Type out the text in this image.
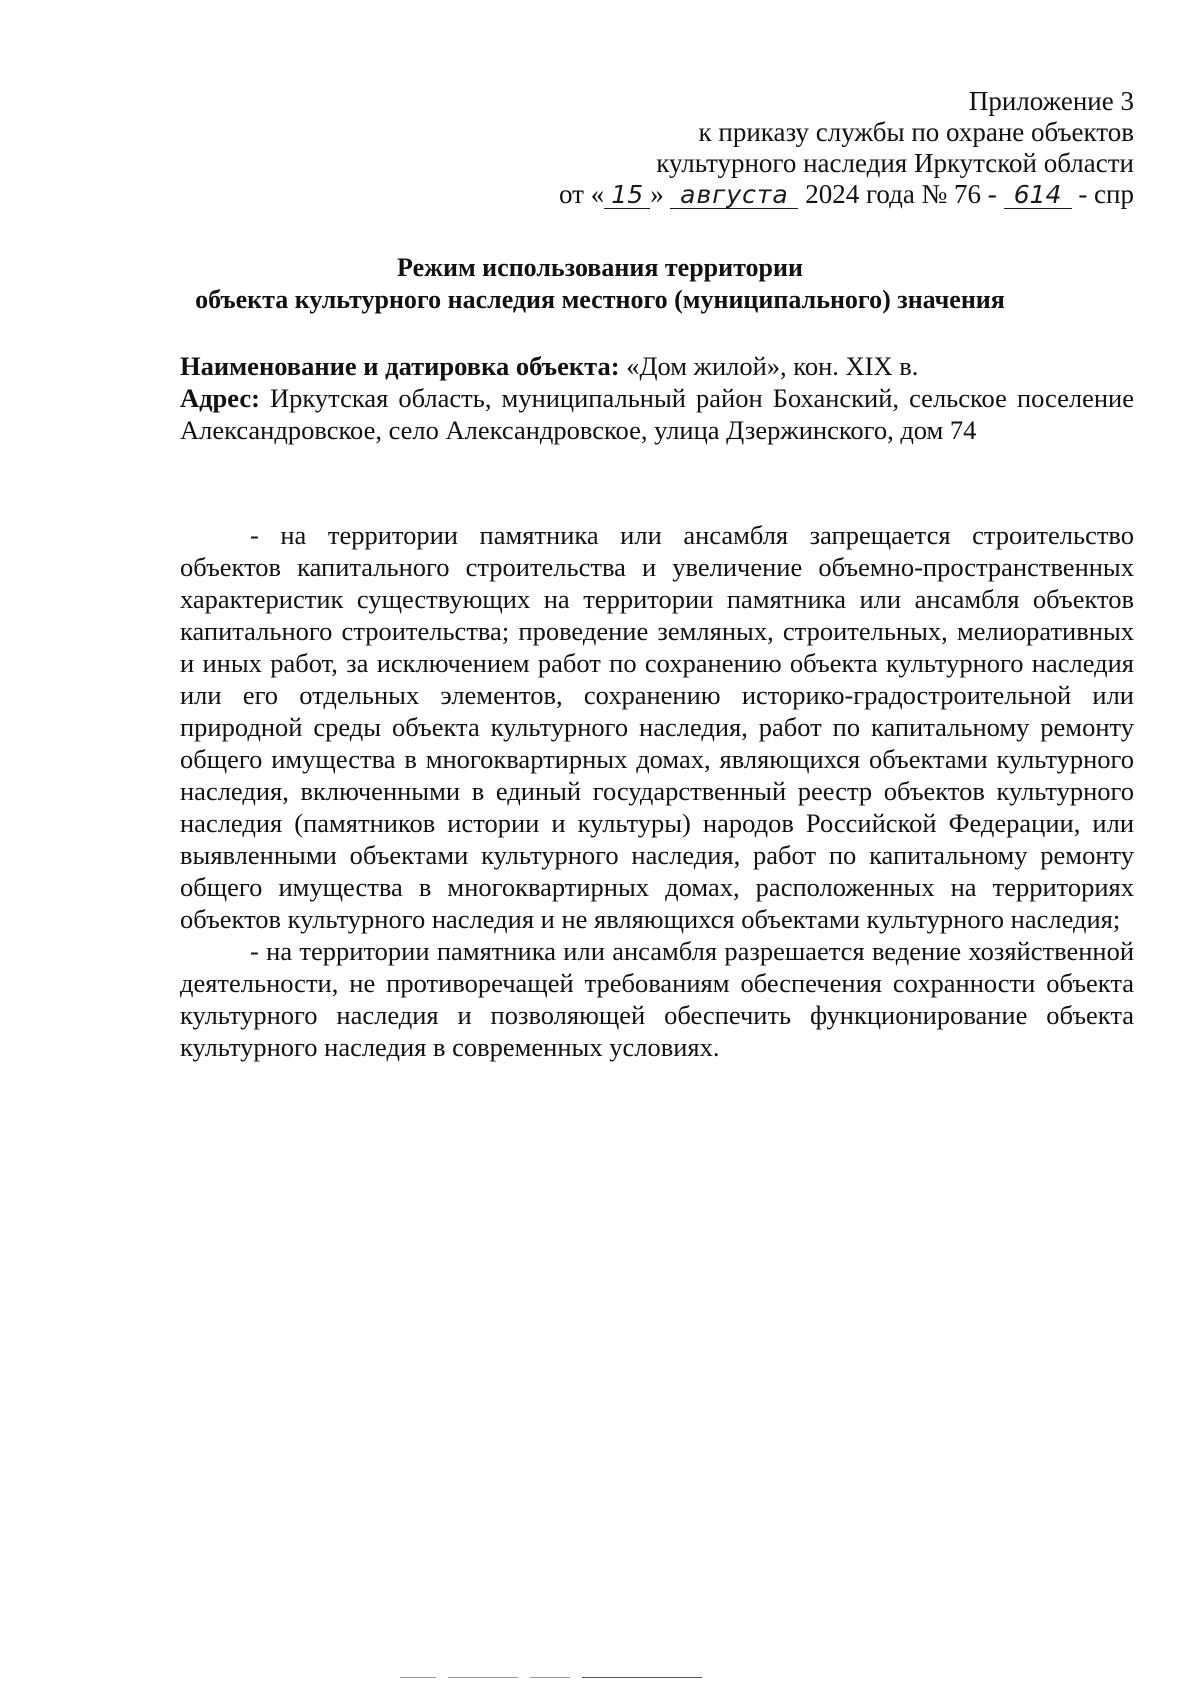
Приложение 3
к приказу службы по охране объектов
культурного наследия Иркутской области
от « 15 » августа 2024 года № 76 - 614 - спр
Режим использования территории
объекта культурного наследия местного (муниципального) значения
Наименование и датировка объекта: «Дом жилой», кон. XIX в.
Адрес: Иркутская область, муниципальный район Боханский, сельское поселение Александровское, село Александровское, улица Дзержинского, дом 74

- на территории памятника или ансамбля запрещается строительство объектов капитального строительства и увеличение объемно-пространственных характеристик существующих на территории памятника или ансамбля объектов капитального строительства; проведение земляных, строительных, мелиоративных и иных работ, за исключением работ по сохранению объекта культурного наследия или его отдельных элементов, сохранению историко-градостроительной или природной среды объекта культурного наследия, работ по капитальному ремонту общего имущества в многоквартирных домах, являющихся объектами культурного наследия, включенными в единый государственный реестр объектов культурного наследия (памятников истории и культуры) народов Российской Федерации, или выявленными объектами культурного наследия, работ по капитальному ремонту общего имущества в многоквартирных домах, расположенных на территориях объектов культурного наследия и не являющихся объектами культурного наследия;

- на территории памятника или ансамбля разрешается ведение хозяйственной деятельности, не противоречащей требованиям обеспечения сохранности объекта культурного наследия и позволяющей обеспечить функционирование объекта культурного наследия в современных условиях.
